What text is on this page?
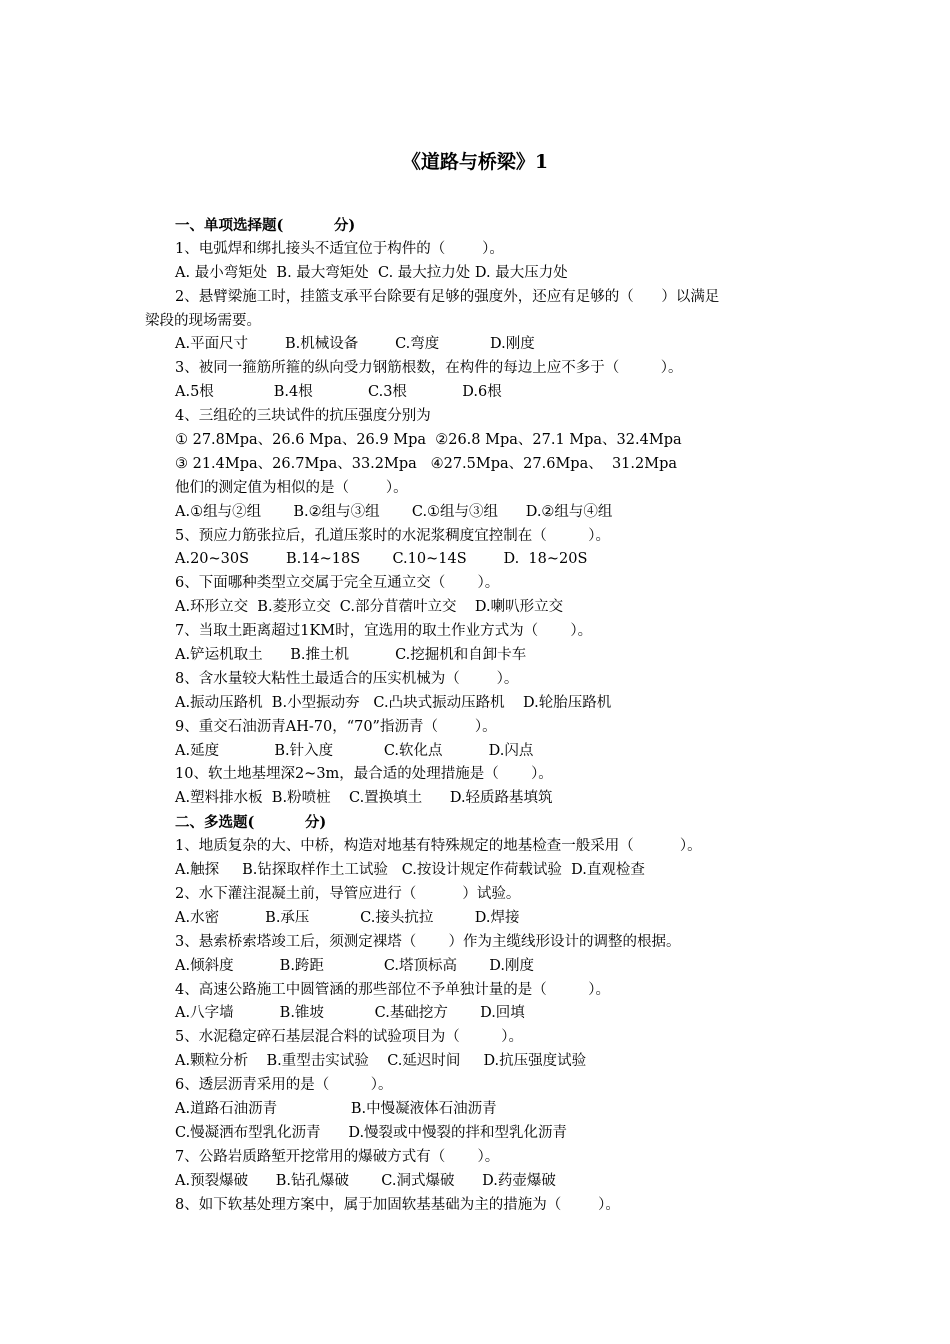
《道路与桥梁》1
一、单项选择题(          分)
1、电弧焊和绑扎接头不适宜位于构件的（        ）。
A. 最小弯矩处  B. 最大弯矩处  C. 最大拉力处 D. 最大压力处
2、悬臂梁施工时，挂篮支承平台除要有足够的强度外，还应有足够的（      ）以满足
梁段的现场需要。
A.平面尺寸        B.机械设备        C.弯度           D.刚度
3、被同一箍筋所箍的纵向受力钢筋根数，在构件的每边上应不多于（         ）。
A.5根             B.4根            C.3根            D.6根
4、三组砼的三块试件的抗压强度分别为
① 27.8Mpa、26.6 Mpa、26.9 Mpa  ②26.8 Mpa、27.1 Mpa、32.4Mpa
③ 21.4Mpa、26.7Mpa、33.2Mpa   ④27.5Mpa、27.6Mpa、  31.2Mpa
他们的测定值为相似的是（        ）。
A.①组与②组       B.②组与③组       C.①组与③组      D.②组与④组
5、预应力筋张拉后，孔道压浆时的水泥浆稠度宜控制在（         ）。
A.20~30S        B.14~18S       C.10~14S        D.  18~20S
6、下面哪种类型立交属于完全互通立交（       ）。
A.环形立交  B.菱形立交  C.部分苜蓿叶立交    D.喇叭形立交
7、当取土距离超过1KM时，宜选用的取土作业方式为（       ）。
A.铲运机取土      B.推土机          C.挖掘机和自卸卡车
8、含水量较大粘性土最适合的压实机械为（        ）。
A.振动压路机  B.小型振动夯   C.凸块式振动压路机    D.轮胎压路机
9、重交石油沥青AH-70，“70”指沥青（        ）。
A.延度            B.针入度           C.软化点          D.闪点
10、软土地基埋深2~3m，最合适的处理措施是（       ）。
A.塑料排水板  B.粉喷桩    C.置换填土      D.轻质路基填筑
二、多选题(          分)
1、地质复杂的大、中桥，构造对地基有特殊规定的地基检查一般采用（          ）。
A.触探     B.钻探取样作土工试验   C.按设计规定作荷载试验  D.直观检查
2、水下灌注混凝土前，导管应进行（          ）试验。
A.水密          B.承压           C.接头抗拉         D.焊接
3、悬索桥索塔竣工后，须测定裸塔（       ）作为主缆线形设计的调整的根据。
A.倾斜度          B.跨距             C.塔顶标高       D.刚度
4、高速公路施工中圆管涵的那些部位不予单独计量的是（         ）。
A.八字墙          B.锥坡           C.基础挖方       D.回填
5、水泥稳定碎石基层混合料的试验项目为（         ）。
A.颗粒分析    B.重型击实试验    C.延迟时间     D.抗压强度试验
6、透层沥青采用的是（         ）。
A.道路石油沥青                B.中慢凝液体石油沥青
C.慢凝洒布型乳化沥青      D.慢裂或中慢裂的拌和型乳化沥青
7、公路岩质路堑开挖常用的爆破方式有（       ）。
A.预裂爆破      B.钻孔爆破       C.洞式爆破      D.药壶爆破
8、如下软基处理方案中，属于加固软基基础为主的措施为（        ）。
